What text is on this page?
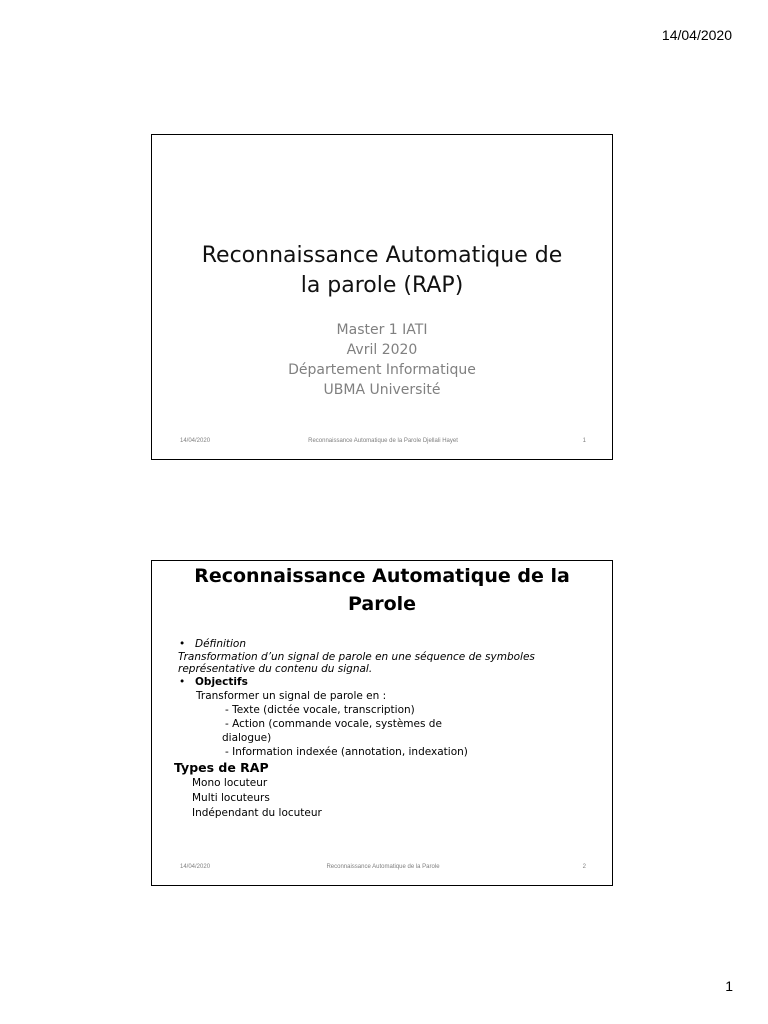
14/04/2020
Reconnaissance Automatique de
la parole (RAP)
Master 1 IATI
Avril 2020
Département Informatique
UBMA Université
14/04/2020	Reconnaissance Automatique de la Parole Djellali Hayet	1
Reconnaissance Automatique de la
Parole
• Définition
Transformation d’un signal de parole en une séquence de symboles
représentative du contenu du signal.
• Objectifs
Transformer un signal de parole en :
- Texte (dictée vocale, transcription)
- Action (commande vocale, systèmes de
dialogue)
- Information indexée (annotation, indexation)
Types de RAP
Mono locuteur
Multi locuteurs
Indépendant du locuteur
14/04/2020	Reconnaissance Automatique de la Parole	2
1
